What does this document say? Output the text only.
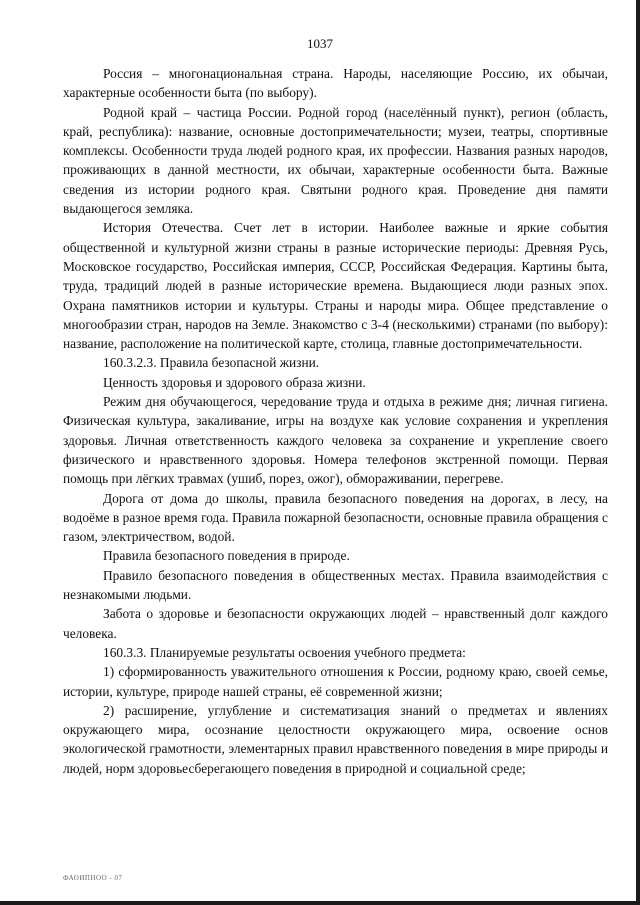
1037

Россия – многонациональная страна. Народы, населяющие Россию, их обычаи, характерные особенности быта (по выбору).

Родной край – частица России. Родной город (населённый пункт), регион (область, край, республика): название, основные достопримечательности; музеи, театры, спортивные комплексы. Особенности труда людей родного края, их профессии. Названия разных народов, проживающих в данной местности, их обычаи, характерные особенности быта. Важные сведения из истории родного края. Святыни родного края. Проведение дня памяти выдающегося земляка.

История Отечества. Счет лет в истории. Наиболее важные и яркие события общественной и культурной жизни страны в разные исторические периоды: Древняя Русь, Московское государство, Российская империя, СССР, Российская Федерация. Картины быта, труда, традиций людей в разные исторические времена. Выдающиеся люди разных эпох. Охрана памятников истории и культуры. Страны и народы мира. Общее представление о многообразии стран, народов на Земле. Знакомство с 3-4 (несколькими) странами (по выбору): название, расположение на политической карте, столица, главные достопримечательности.

160.3.2.3. Правила безопасной жизни.

Ценность здоровья и здорового образа жизни.

Режим дня обучающегося, чередование труда и отдыха в режиме дня; личная гигиена. Физическая культура, закаливание, игры на воздухе как условие сохранения и укрепления здоровья. Личная ответственность каждого человека за сохранение и укрепление своего физического и нравственного здоровья. Номера телефонов экстренной помощи. Первая помощь при лёгких травмах (ушиб, порез, ожог), обмораживании, перегреве.

Дорога от дома до школы, правила безопасного поведения на дорогах, в лесу, на водоёме в разное время года. Правила пожарной безопасности, основные правила обращения с газом, электричеством, водой.

Правила безопасного поведения в природе.

Правило безопасного поведения в общественных местах. Правила взаимодействия с незнакомыми людьми.

Забота о здоровье и безопасности окружающих людей – нравственный долг каждого человека.

160.3.3. Планируемые результаты освоения учебного предмета:

1) сформированность уважительного отношения к России, родному краю, своей семье, истории, культуре, природе нашей страны, её современной жизни;

2) расширение, углубление и систематизация знаний о предметах и явлениях окружающего мира, осознание целостности окружающего мира, освоение основ экологической грамотности, элементарных правил нравственного поведения в мире природы и людей, норм здоровьесберегающего поведения в природной и социальной среде;

ФАОИПНОО - 07
